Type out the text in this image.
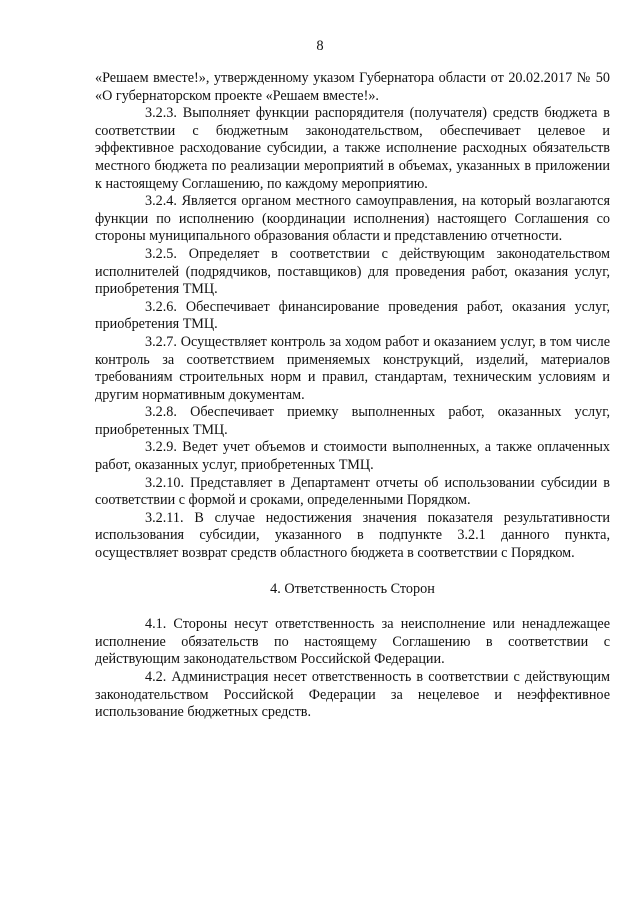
8

«Решаем вместе!», утвержденному указом Губернатора области от 20.02.2017 № 50 «О губернаторском проекте «Решаем вместе!».

3.2.3. Выполняет функции распорядителя (получателя) средств бюджета в соответствии с бюджетным законодательством, обеспечивает целевое и эффективное расходование субсидии, а также исполнение расходных обязательств местного бюджета по реализации мероприятий в объемах, указанных в приложении к настоящему Соглашению, по каждому мероприятию.

3.2.4. Является органом местного самоуправления, на который возлагаются функции по исполнению (координации исполнения) настоящего Соглашения со стороны муниципального образования области и представлению отчетности.

3.2.5. Определяет в соответствии с действующим законодательством исполнителей (подрядчиков, поставщиков) для проведения работ, оказания услуг, приобретения ТМЦ.

3.2.6. Обеспечивает финансирование проведения работ, оказания услуг, приобретения ТМЦ.

3.2.7. Осуществляет контроль за ходом работ и оказанием услуг, в том числе контроль за соответствием применяемых конструкций, изделий, материалов требованиям строительных норм и правил, стандартам, техническим условиям и другим нормативным документам.

3.2.8. Обеспечивает приемку выполненных работ, оказанных услуг, приобретенных ТМЦ.

3.2.9. Ведет учет объемов и стоимости выполненных, а также оплаченных работ, оказанных услуг, приобретенных ТМЦ.

3.2.10. Представляет в Департамент отчеты об использовании субсидии в соответствии с формой и сроками, определенными Порядком.

3.2.11. В случае недостижения значения показателя результативности использования субсидии, указанного в подпункте 3.2.1 данного пункта, осуществляет возврат средств областного бюджета в соответствии с Порядком.

4. Ответственность Сторон

4.1. Стороны несут ответственность за неисполнение или ненадлежащее исполнение обязательств по настоящему Соглашению в соответствии с действующим законодательством Российской Федерации.

4.2. Администрация несет ответственность в соответствии с действующим законодательством Российской Федерации за нецелевое и неэффективное использование бюджетных средств.
